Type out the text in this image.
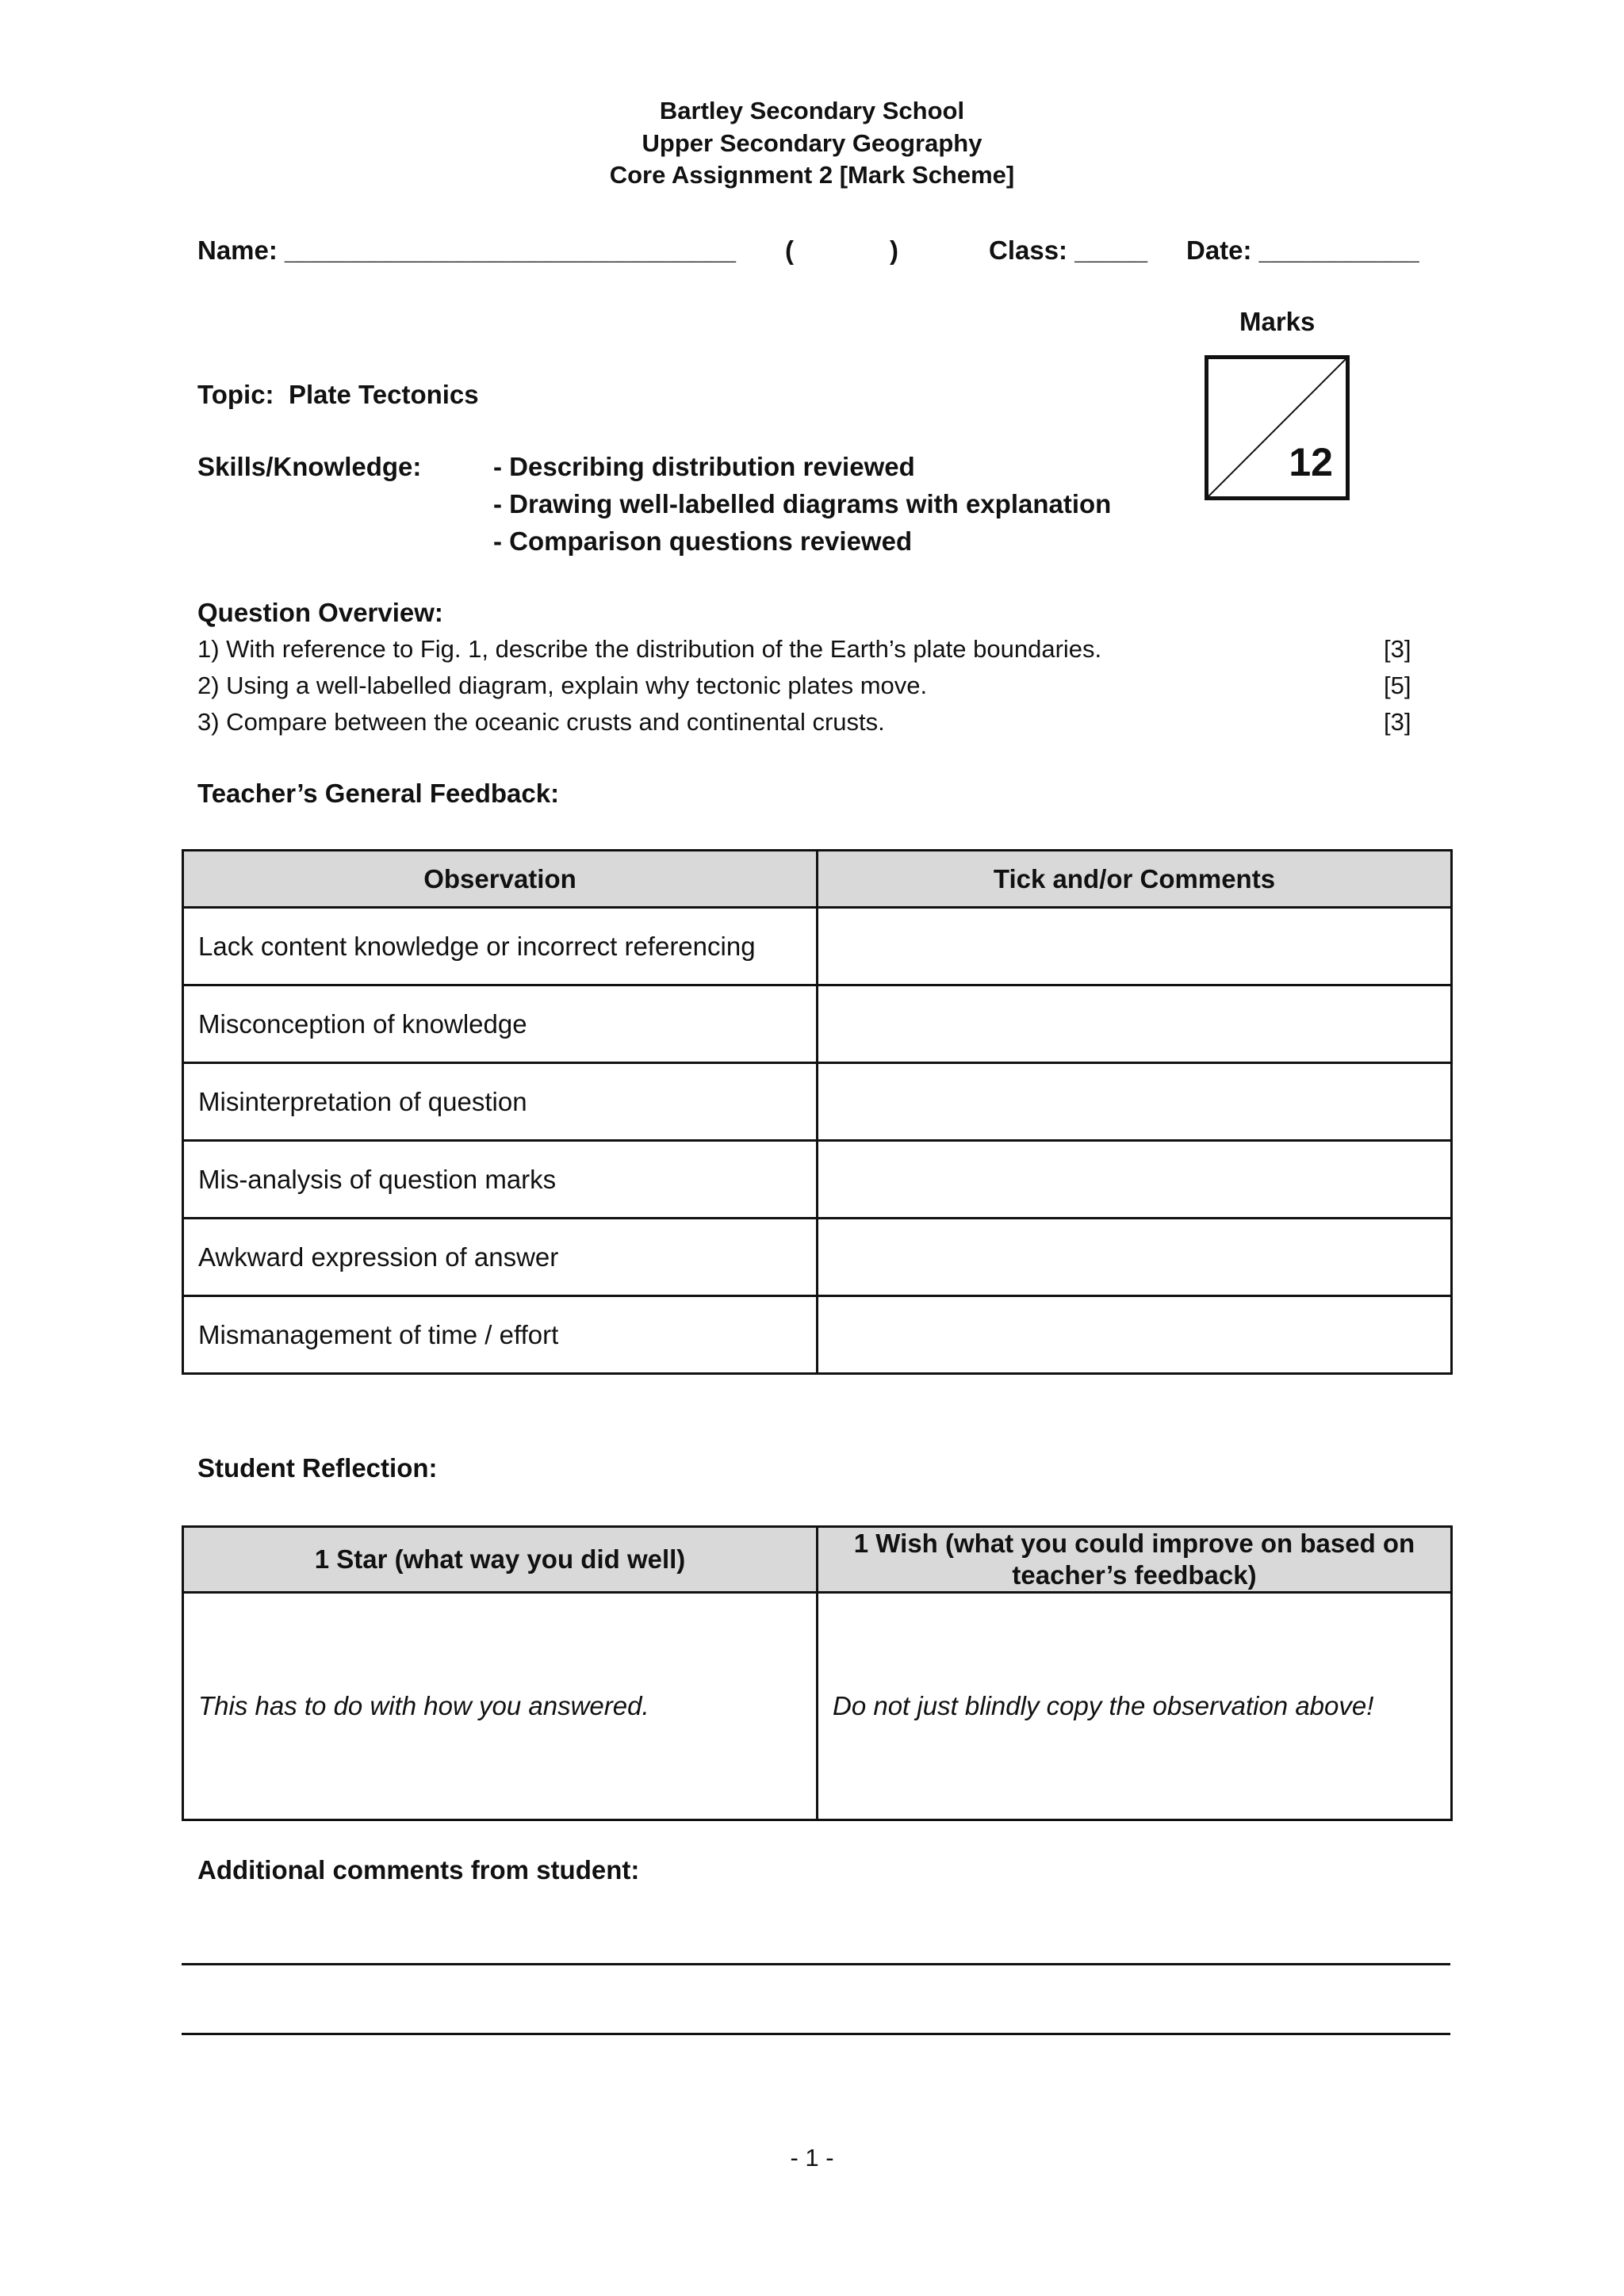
Bartley Secondary School
Upper Secondary Geography
Core Assignment 2 [Mark Scheme]
Name: _______________________________ (	)	Class: _____ Date: ___________
Marks
12
Topic: Plate Tectonics
Skills/Knowledge:	- Describing distribution reviewed
- Drawing well-labelled diagrams with explanation
- Comparison questions reviewed
Question Overview:
1) With reference to Fig. 1, describe the distribution of the Earth’s plate boundaries.	[3]
2) Using a well-labelled diagram, explain why tectonic plates move.	[5]
3) Compare between the oceanic crusts and continental crusts.	[3]
Teacher’s General Feedback:
Observation	Tick and/or Comments
Lack content knowledge or incorrect referencing	
Misconception of knowledge	
Misinterpretation of question	
Mis-analysis of question marks	
Awkward expression of answer	
Mismanagement of time / effort	
Student Reflection:
1 Star (what way you did well)	1 Wish (what you could improve on based on teacher’s feedback)
This has to do with how you answered.	Do not just blindly copy the observation above!
Additional comments from student:
- 1 -
